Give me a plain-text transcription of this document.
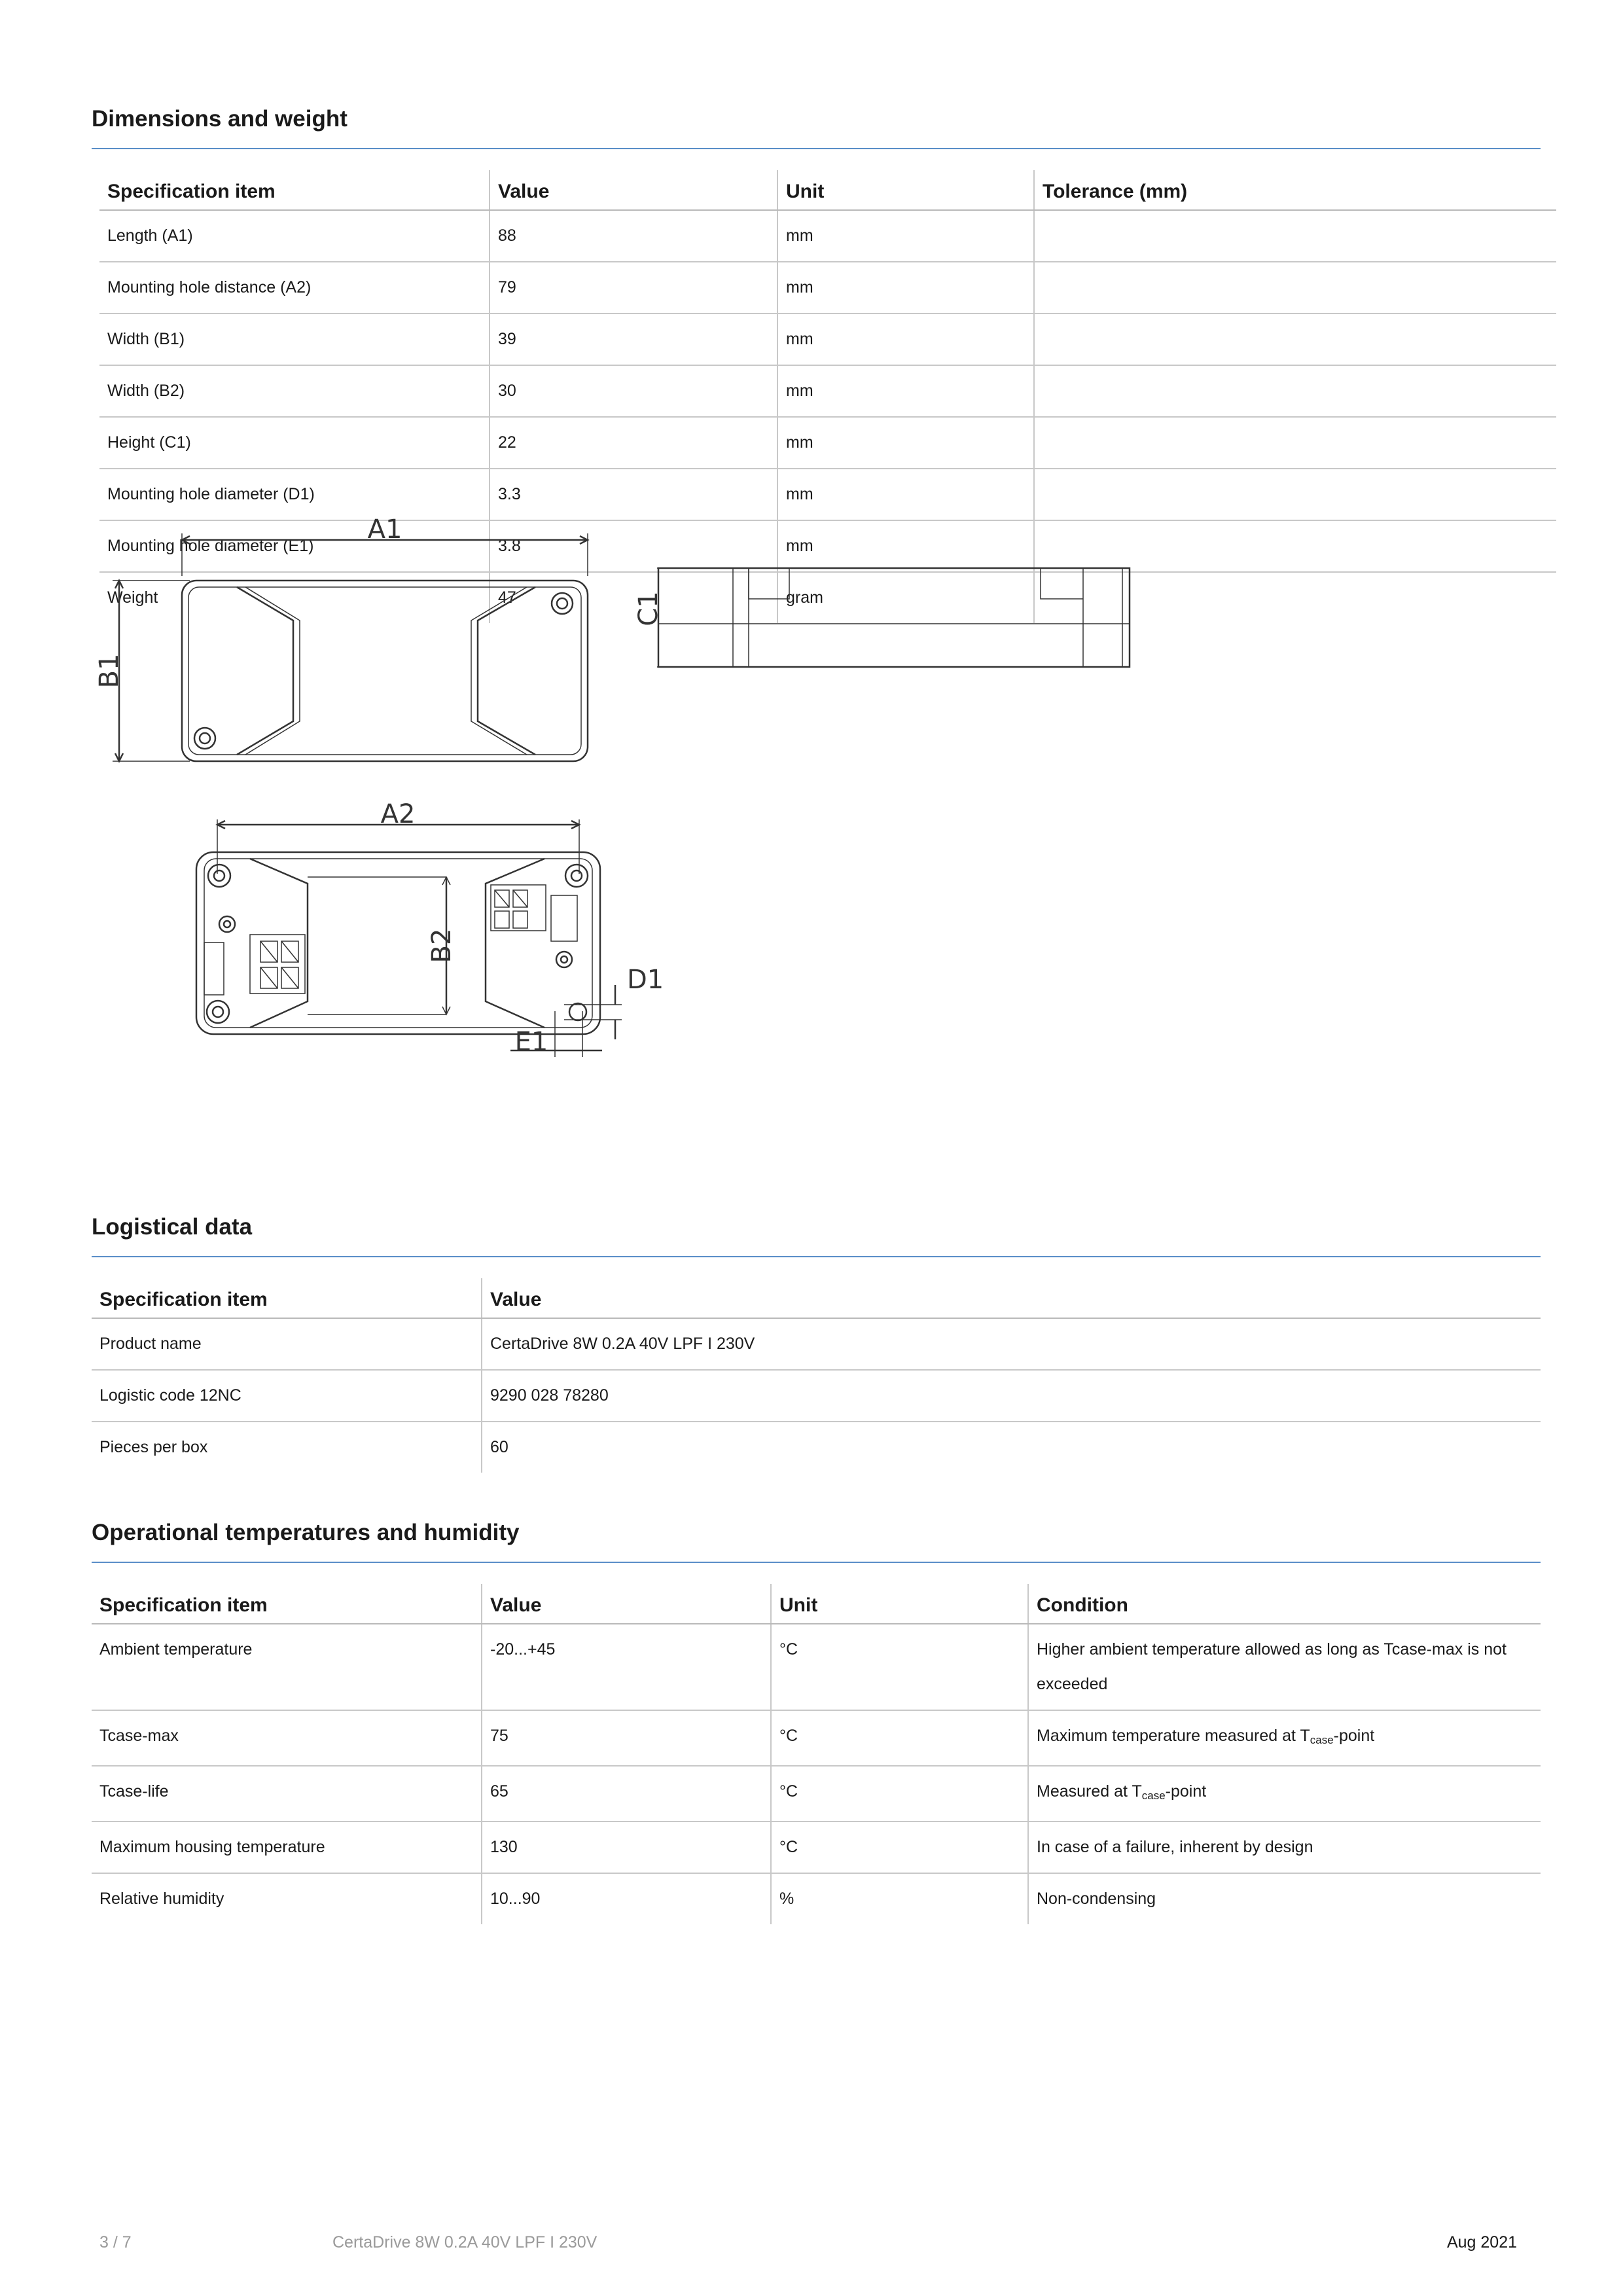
Dimensions and weight
Specification item	Value	Unit	Tolerance (mm)
Length (A1)	88	mm	
Mounting hole distance (A2)	79	mm	
Width (B1)	39	mm	
Width (B2)	30	mm	
Height (C1)	22	mm	
Mounting hole diameter (D1)	3.3	mm	
Mounting hole diameter (E1)	3.8	mm	
Weight	47	gram	
A1
B1
C1
A2
B2
D1
E1
Logistical data
Specification item	Value
Product name	CertaDrive 8W 0.2A 40V LPF I 230V
Logistic code 12NC	9290 028 78280
Pieces per box	60
Operational temperatures and humidity
Specification item	Value	Unit	Condition
Ambient temperature	-20...+45	°C	Higher ambient temperature allowed as long as Tcase-max is not exceeded
Tcase-max	75	°C	Maximum temperature measured at $T_{case}$-point
Tcase-life	65	°C	Measured at $T_{case}$-point
Maximum housing temperature	130	°C	In case of a failure, inherent by design
Relative humidity	10...90	%	Non-condensing
3 / 7	CertaDrive 8W 0.2A 40V LPF I 230V	Aug 2021
